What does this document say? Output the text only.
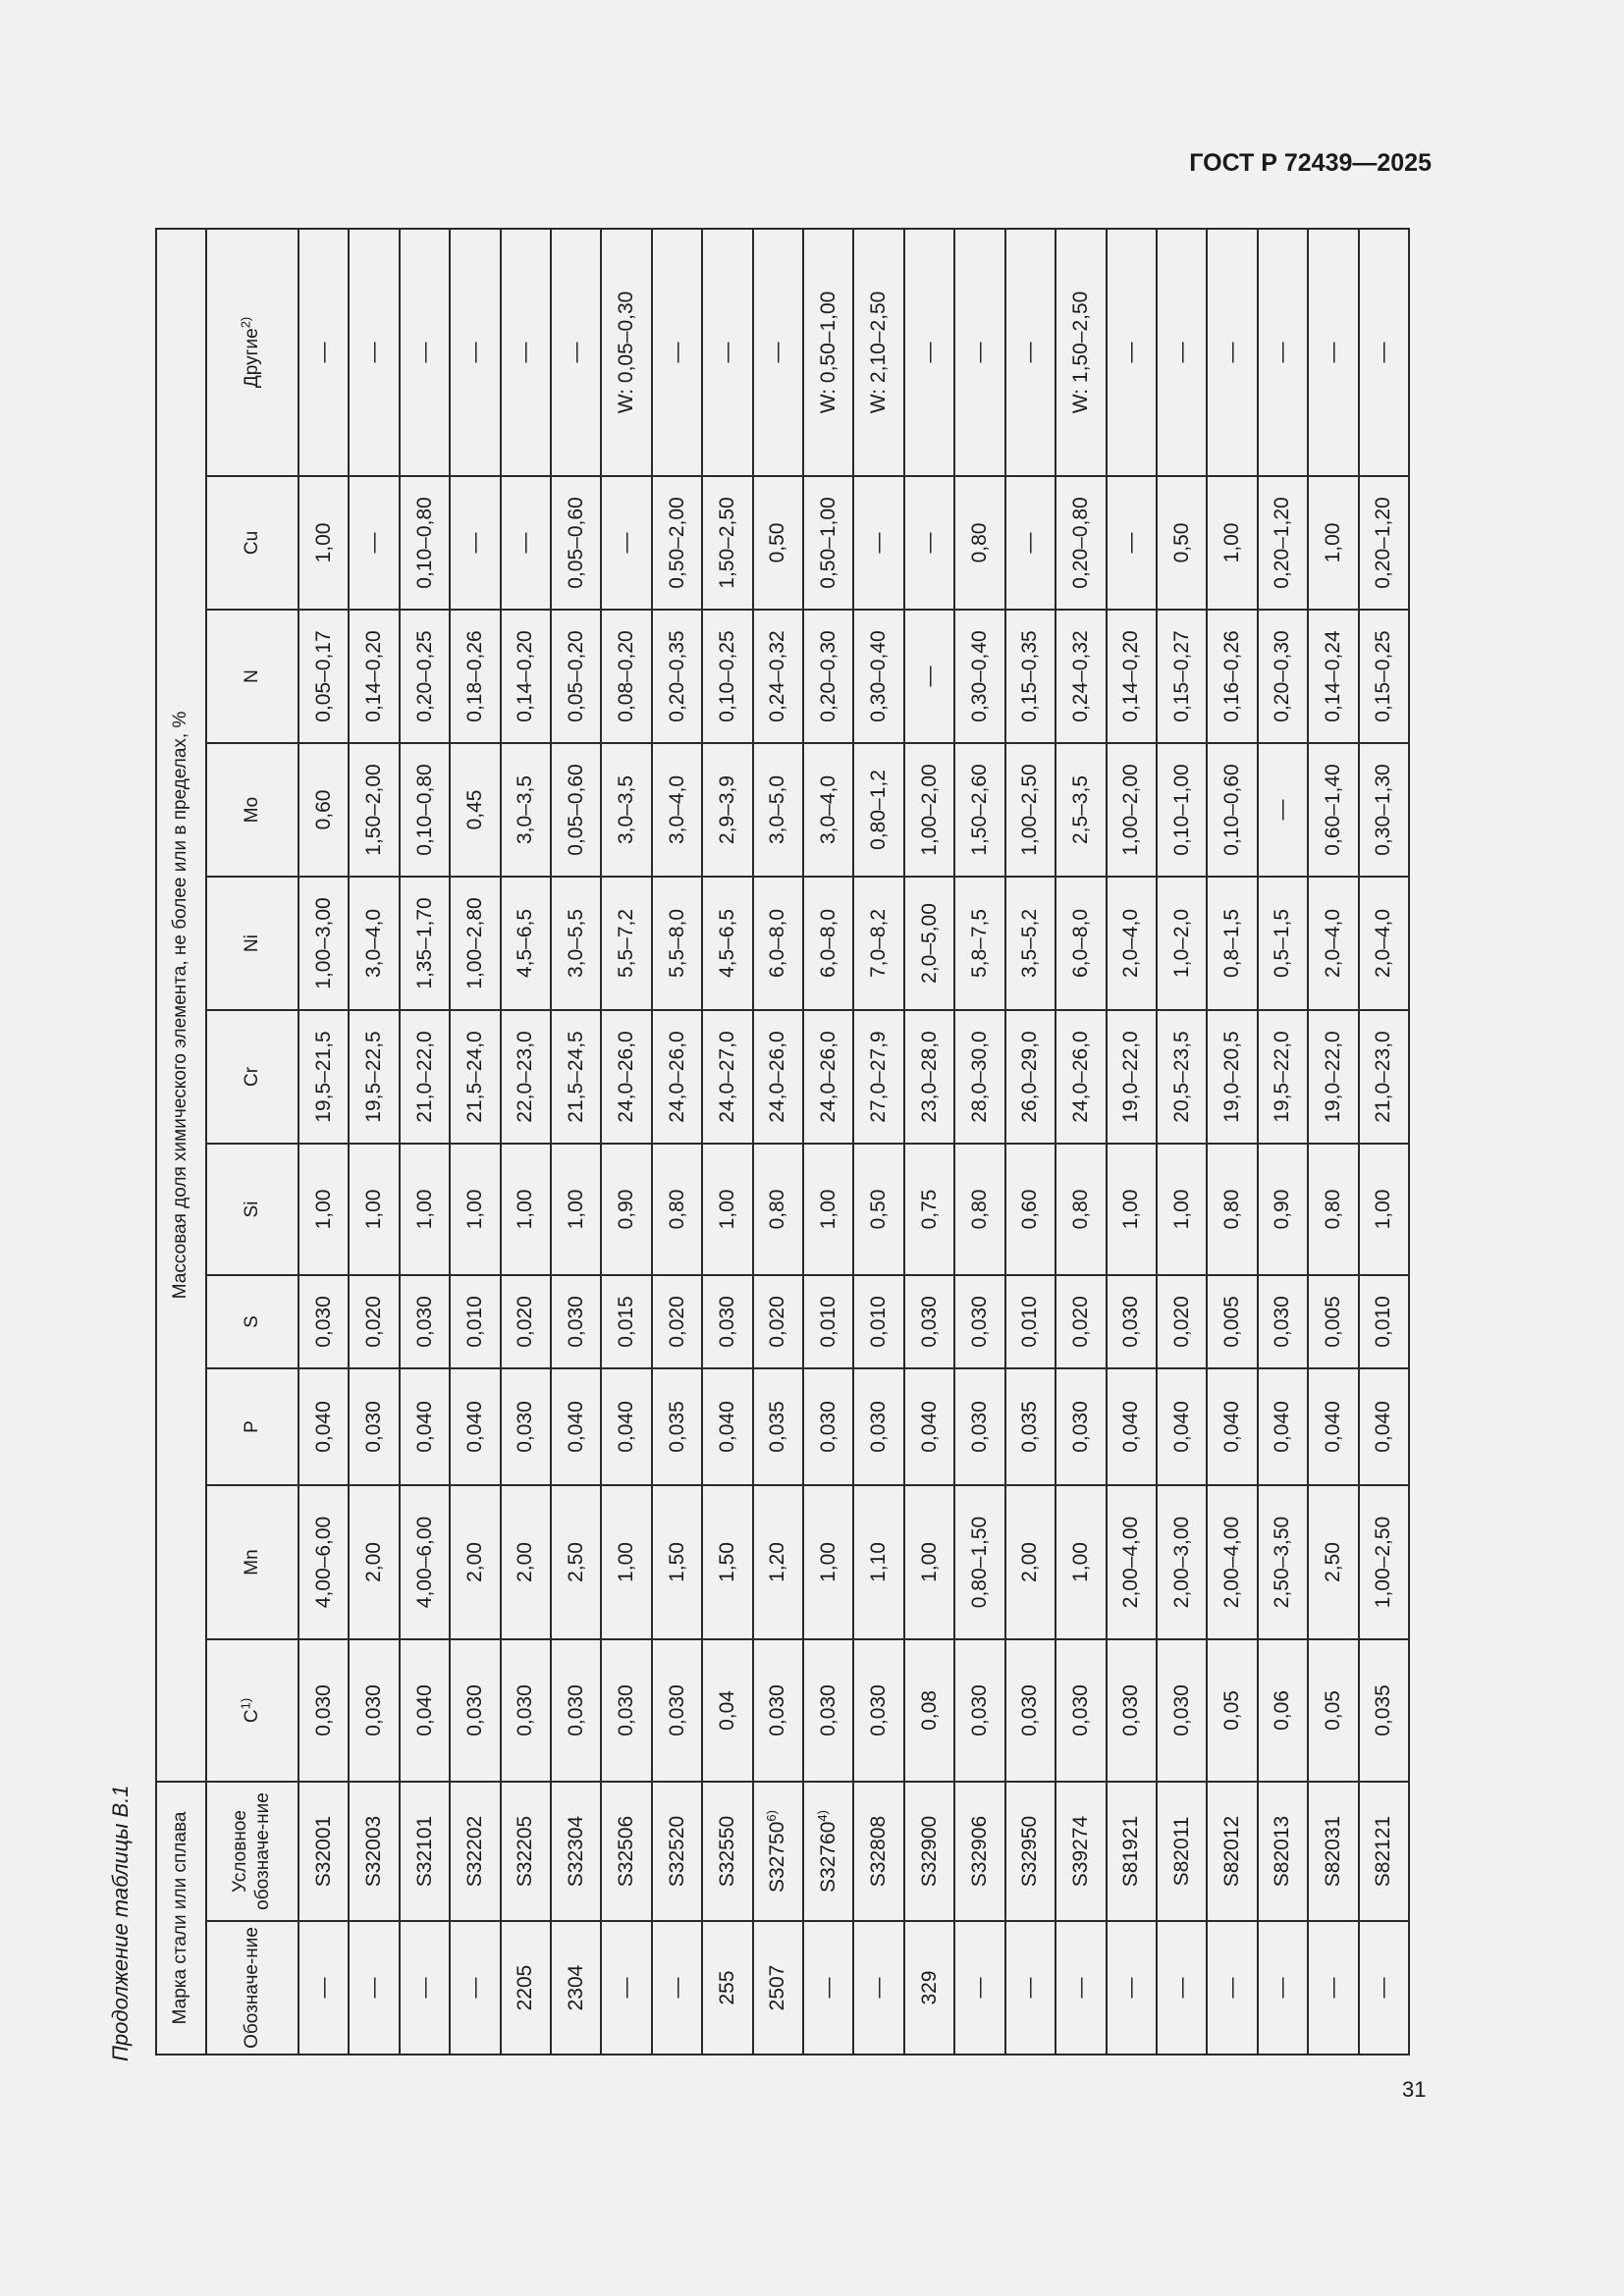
ГОСТ Р 72439—2025
Продолжение таблицы В.1	Марка стали или сплава		Массовая доля химического элемента, не более или в пределах, %										
Обозначе-ние	Условное обозначе-ние	$C^{1)}$	Mn	P	S	Si	Cr	Ni	Mo	N	Cu	Другие$^{2)}$
—	S32001	0,030	4,00–6,00	0,040	0,030	1,00	19,5–21,5	1,00–3,00	0,60	0,05–0,17	1,00	—
—	S32003	0,030	2,00	0,030	0,020	1,00	19,5–22,5	3,0–4,0	1,50–2,00	0,14–0,20	—	—
—	S32101	0,040	4,00–6,00	0,040	0,030	1,00	21,0–22,0	1,35–1,70	0,10–0,80	0,20–0,25	0,10–0,80	—
—	S32202	0,030	2,00	0,040	0,010	1,00	21,5–24,0	1,00–2,80	0,45	0,18–0,26	—	—
2205	S32205	0,030	2,00	0,030	0,020	1,00	22,0–23,0	4,5–6,5	3,0–3,5	0,14–0,20	—	—
2304	S32304	0,030	2,50	0,040	0,030	1,00	21,5–24,5	3,0–5,5	0,05–0,60	0,05–0,20	0,05–0,60	—
—	S32506	0,030	1,00	0,040	0,015	0,90	24,0–26,0	5,5–7,2	3,0–3,5	0,08–0,20	—	W: 0,05–0,30
—	S32520	0,030	1,50	0,035	0,020	0,80	24,0–26,0	5,5–8,0	3,0–4,0	0,20–0,35	0,50–2,00	—
255	S32550	0,04	1,50	0,040	0,030	1,00	24,0–27,0	4,5–6,5	2,9–3,9	0,10–0,25	1,50–2,50	—
2507	S32750$^{6)}$	0,030	1,20	0,035	0,020	0,80	24,0–26,0	6,0–8,0	3,0–5,0	0,24–0,32	0,50	—
—	S32760$^{4)}$	0,030	1,00	0,030	0,010	1,00	24,0–26,0	6,0–8,0	3,0–4,0	0,20–0,30	0,50–1,00	W: 0,50–1,00
—	S32808	0,030	1,10	0,030	0,010	0,50	27,0–27,9	7,0–8,2	0,80–1,2	0,30–0,40	—	W: 2,10–2,50
329	S32900	0,08	1,00	0,040	0,030	0,75	23,0–28,0	2,0–5,00	1,00–2,00	—	—	—
—	S32906	0,030	0,80–1,50	0,030	0,030	0,80	28,0–30,0	5,8–7,5	1,50–2,60	0,30–0,40	0,80	—
—	S32950	0,030	2,00	0,035	0,010	0,60	26,0–29,0	3,5–5,2	1,00–2,50	0,15–0,35	—	—
—	S39274	0,030	1,00	0,030	0,020	0,80	24,0–26,0	6,0–8,0	2,5–3,5	0,24–0,32	0,20–0,80	W: 1,50–2,50
—	S81921	0,030	2,00–4,00	0,040	0,030	1,00	19,0–22,0	2,0–4,0	1,00–2,00	0,14–0,20	—	—
—	S82011	0,030	2,00–3,00	0,040	0,020	1,00	20,5–23,5	1,0–2,0	0,10–1,00	0,15–0,27	0,50	—
—	S82012	0,05	2,00–4,00	0,040	0,005	0,80	19,0–20,5	0,8–1,5	0,10–0,60	0,16–0,26	1,00	—
—	S82013	0,06	2,50–3,50	0,040	0,030	0,90	19,5–22,0	0,5–1,5	—	0,20–0,30	0,20–1,20	—
—	S82031	0,05	2,50	0,040	0,005	0,80	19,0–22,0	2,0–4,0	0,60–1,40	0,14–0,24	1,00	—
—	S82121	0,035	1,00–2,50	0,040	0,010	1,00	21,0–23,0	2,0–4,0	0,30–1,30	0,15–0,25	0,20–1,20	—
31
